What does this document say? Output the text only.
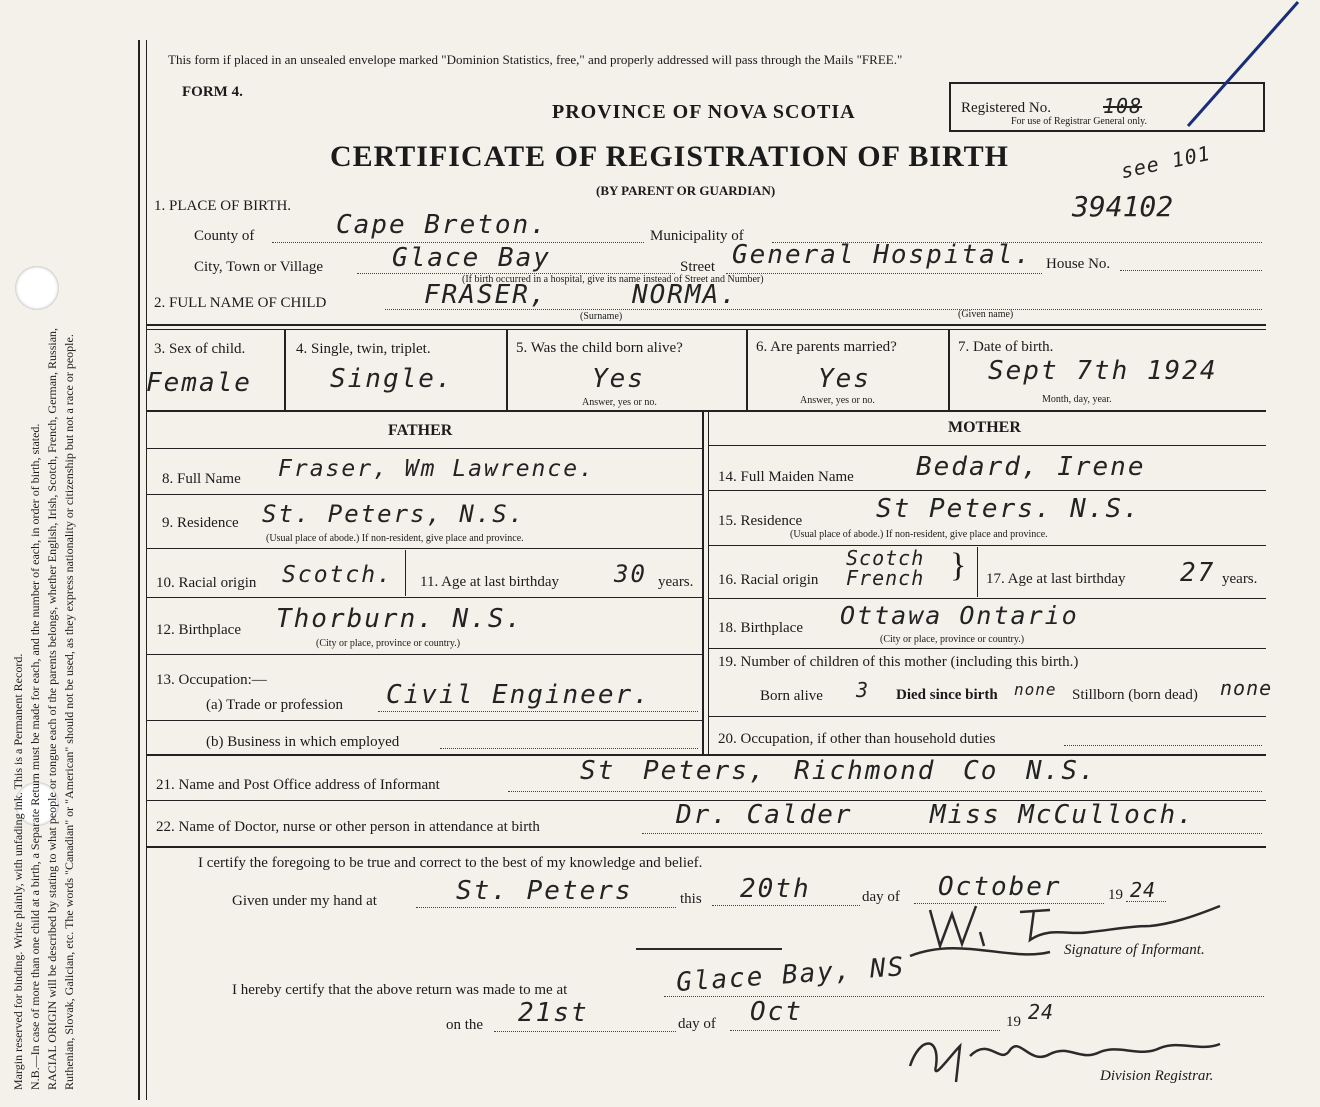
Margin reserved for binding. Write plainly, with unfading ink. This is a Permanent Record. N.B.—In case of more than one child at a birth, a Separate Return must be made for each, and the number of each, in order of birth, stated. RACIAL ORIGIN will be described by stating to what people or tongue each of the parents belongs, whether English, Irish, Scotch, French, German, Russian, Ruthenian, Slovak, Galician, etc. The words "Canadian" or "American" should not be used, as they express nationality or citizenship but not a race or people.
This form if placed in an unsealed envelope marked "Dominion Statistics, free," and properly addressed will pass through the Mails "FREE."
FORM 4.
PROVINCE OF NOVA SCOTIA
CERTIFICATE OF REGISTRATION OF BIRTH
(BY PARENT OR GUARDIAN)
Registered No.	108
For use of Registrar General only.
see 101
394102
1. PLACE OF BIRTH.
County of	Cape Breton.	Municipality of
City, Town or Village	Glace Bay	Street General Hospital.
(If birth occurred in a hospital, give its name instead of Street and Number)
House No.
2. FULL NAME OF CHILD	FRASER,	NORMA.
(Surname)	(Given name)
3. Sex of child.
Female
4. Single, twin, triplet.
Single.
5. Was the child born alive?
Yes
Answer, yes or no.
6. Are parents married?
Yes
Answer, yes or no.
7. Date of birth.
Sept 7th 1924
Month, day, year.
FATHER	MOTHER
8. Full Name Fraser, Wm Lawrence.
9. Residence St. Peters, N.S.
(Usual place of abode.) If non-resident, give place and province.
10. Racial origin Scotch. 11. Age at last birthday 30 years.
12. Birthplace Thorburn. N.S.
(City or place, province or country.)
13. Occupation:—
(a) Trade or profession Civil Engineer.
(b) Business in which employed
14. Full Maiden Name Bedard, Irene
15. Residence	St Peters. N.S.
(Usual place of abode.) If non-resident, give place and province.
16. Racial origin
Scotch
French } 17. Age at last birthday 27 years.
18. Birthplace Ottawa Ontario
(City or place, province or country.)
19. Number of children of this mother (including this birth.)
Born alive 3 Died since birth none Stillborn (born dead) none
20. Occupation, if other than household duties
21. Name and Post Office address of Informant	St Peters, Richmond Co N.S.
22. Name of Doctor, nurse or other person in attendance at birth	Dr. Calder	Miss McCulloch.
I certify the foregoing to be true and correct to the best of my knowledge and belief.
Given under my hand at	St. Peters	this 20th	day of October	19 24
Signature of Informant.
I hereby certify that the above return was made to me at	Glace Bay, NS
on the 21st	day of Oct	19 24
Division Registrar.
